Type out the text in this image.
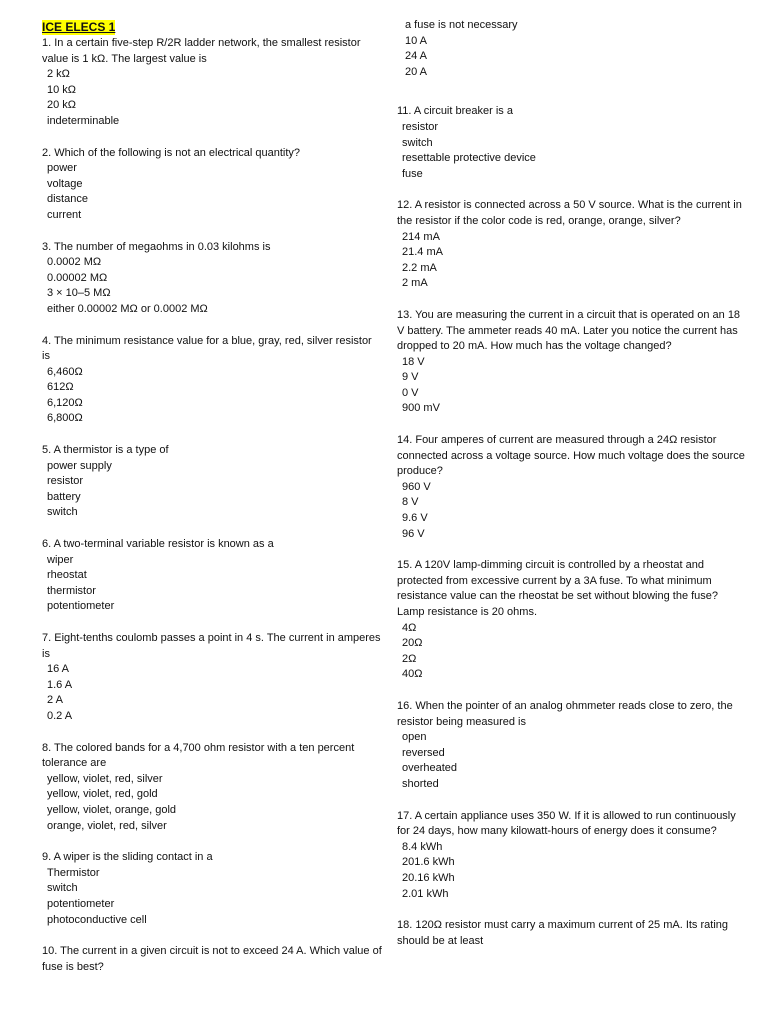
ICE ELECS 1

1. In a certain five-step R/2R ladder network, the smallest resistor value is 1 kΩ. The largest value is

2 kΩ

10 kΩ

20 kΩ

indeterminable

2. Which of the following is not an electrical quantity?

power

voltage

distance

current

3. The number of megaohms in 0.03 kilohms is

0.0002 MΩ

0.00002 MΩ

3 × 10–5 MΩ

either 0.00002 MΩ or 0.0002 MΩ

4. The minimum resistance value for a blue, gray, red, silver resistor is

6,460Ω

612Ω

6,120Ω

6,800Ω

5. A thermistor is a type of

power supply

resistor

battery

switch

6. A two-terminal variable resistor is known as a

wiper

rheostat

thermistor

potentiometer

7. Eight-tenths coulomb passes a point in 4 s. The current in amperes is

16 A

1.6 A

2 A

0.2 A

8. The colored bands for a 4,700 ohm resistor with a ten percent tolerance are

yellow, violet, red, silver

yellow, violet, red, gold

yellow, violet, orange, gold

orange, violet, red, silver

9. A wiper is the sliding contact in a

Thermistor

switch

potentiometer

photoconductive cell

10. The current in a given circuit is not to exceed 24 A. Which value of fuse is best?

a fuse is not necessary

10 A

24 A

20 A

11. A circuit breaker is a

resistor

switch

resettable protective device

fuse

12. A resistor is connected across a 50 V source. What is the current in the resistor if the color code is red, orange, orange, silver?

214 mA

21.4 mA

2.2 mA

2 mA

13. You are measuring the current in a circuit that is operated on an 18 V battery. The ammeter reads 40 mA. Later you notice the current has dropped to 20 mA. How much has the voltage changed?

18 V

9 V

0 V

900 mV

14. Four amperes of current are measured through a 24Ω resistor connected across a voltage source. How much voltage does the source produce?

960 V

8 V

9.6 V

96 V

15. A 120V lamp-dimming circuit is controlled by a rheostat and protected from excessive current by a 3A fuse. To what minimum resistance value can the rheostat be set without blowing the fuse? Lamp resistance is 20 ohms.

4Ω

20Ω

2Ω

40Ω

16. When the pointer of an analog ohmmeter reads close to zero, the resistor being measured is

open

reversed

overheated

shorted

17. A certain appliance uses 350 W. If it is allowed to run continuously for 24 days, how many kilowatt-hours of energy does it consume?

8.4 kWh

201.6 kWh

20.16 kWh

2.01 kWh

18. 120Ω resistor must carry a maximum current of 25 mA. Its rating should be at least
